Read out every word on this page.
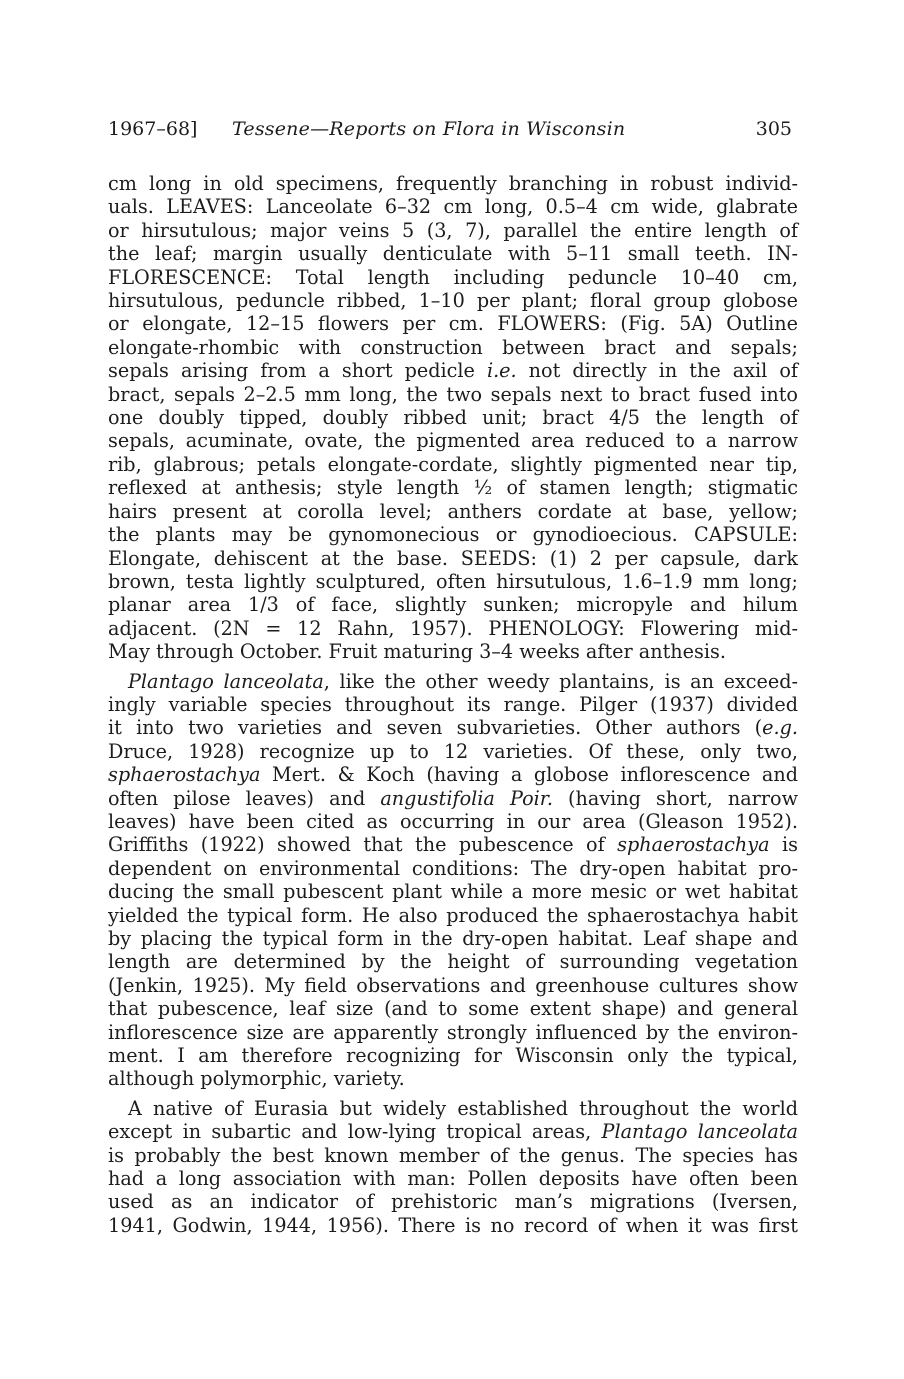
1967–68] Tessene—Reports on Flora in Wisconsin	305

cm long in old specimens, frequently branching in robust individ-
uals. LEAVES: Lanceolate 6–32 cm long, 0.5–4 cm wide, glabrate
or hirsutulous; major veins 5 (3, 7), parallel the entire length of
the leaf; margin usually denticulate with 5–11 small teeth. IN-
FLORESCENCE: Total length including peduncle 10–40 cm,
hirsutulous, peduncle ribbed, 1–10 per plant; floral group globose
or elongate, 12–15 flowers per cm. FLOWERS: (Fig. 5A) Outline
elongate-rhombic with construction between bract and sepals;
sepals arising from a short pedicle i.e. not directly in the axil of
bract, sepals 2–2.5 mm long, the two sepals next to bract fused into
one doubly tipped, doubly ribbed unit; bract 4/5 the length of
sepals, acuminate, ovate, the pigmented area reduced to a narrow
rib, glabrous; petals elongate-cordate, slightly pigmented near tip,
reflexed at anthesis; style length ½ of stamen length; stigmatic
hairs present at corolla level; anthers cordate at base, yellow;
the plants may be gynomonecious or gynodioecious. CAPSULE:
Elongate, dehiscent at the base. SEEDS: (1) 2 per capsule, dark
brown, testa lightly sculptured, often hirsutulous, 1.6–1.9 mm long;
planar area 1/3 of face, slightly sunken; micropyle and hilum
adjacent. (2N = 12 Rahn, 1957). PHENOLOGY: Flowering mid-
May through October. Fruit maturing 3–4 weeks after anthesis.

Plantago lanceolata, like the other weedy plantains, is an exceed-
ingly variable species throughout its range. Pilger (1937) divided
it into two varieties and seven subvarieties. Other authors (e.g.
Druce, 1928) recognize up to 12 varieties. Of these, only two,
sphaerostachya Mert. & Koch (having a globose inflorescence and
often pilose leaves) and angustifolia Poir. (having short, narrow
leaves) have been cited as occurring in our area (Gleason 1952).
Griffiths (1922) showed that the pubescence of sphaerostachya is
dependent on environmental conditions: The dry-open habitat pro-
ducing the small pubescent plant while a more mesic or wet habitat
yielded the typical form. He also produced the sphaerostachya habit
by placing the typical form in the dry-open habitat. Leaf shape and
length are determined by the height of surrounding vegetation
(Jenkin, 1925). My field observations and greenhouse cultures show
that pubescence, leaf size (and to some extent shape) and general
inflorescence size are apparently strongly influenced by the environ-
ment. I am therefore recognizing for Wisconsin only the typical,
although polymorphic, variety.

A native of Eurasia but widely established throughout the world
except in subartic and low-lying tropical areas, Plantago lanceolata
is probably the best known member of the genus. The species has
had a long association with man: Pollen deposits have often been
used as an indicator of prehistoric man’s migrations (Iversen,
1941, Godwin, 1944, 1956). There is no record of when it was first
